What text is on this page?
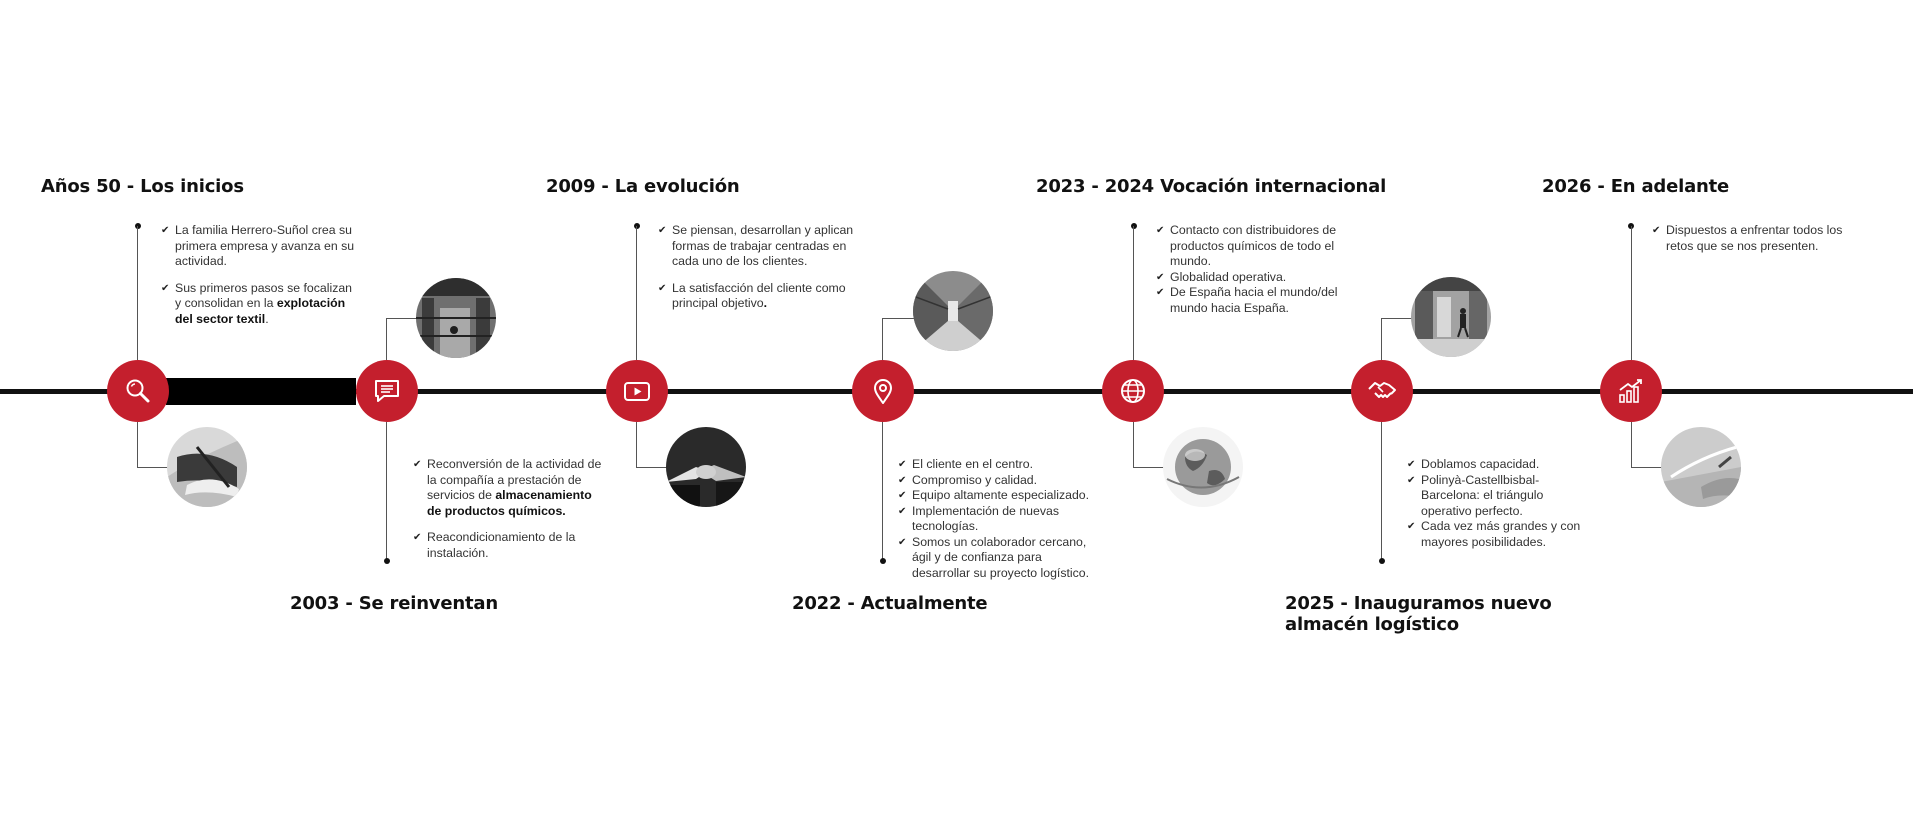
Años 50 - Los inicios
✔ La familia Herrero-Suñol crea su primera empresa y avanza en su actividad.
✔ Sus primeros pasos se focalizan y consolidan en la explotación del sector textil.
✔ Reconversión de la actividad de la compañía a prestación de servicios de almacenamiento de productos químicos.
✔ Reacondicionamiento de la instalación.
2003 - Se reinventan
2009 - La evolución
✔ Se piensan, desarrollan y aplican formas de trabajar centradas en cada uno de los clientes.
✔ La satisfacción del cliente como principal objetivo.
✔ El cliente en el centro.
✔ Compromiso y calidad.
✔ Equipo altamente especializado.
✔ Implementación de nuevas tecnologías.
✔ Somos un colaborador cercano, ágil y de confianza para desarrollar su proyecto logístico.
2022 - Actualmente
2023 - 2024 Vocación internacional
✔ Contacto con distribuidores de productos químicos de todo el mundo.
✔ Globalidad operativa.
✔ De España hacia el mundo/del mundo hacia España.
✔ Doblamos capacidad.
✔ Polinyà-Castellbisbal-Barcelona: el triángulo operativo perfecto.
✔ Cada vez más grandes y con mayores posibilidades.
2025 - Inauguramos nuevo
almacén logístico
2026 - En adelante
✔ Dispuestos a enfrentar todos los retos que se nos presenten.
